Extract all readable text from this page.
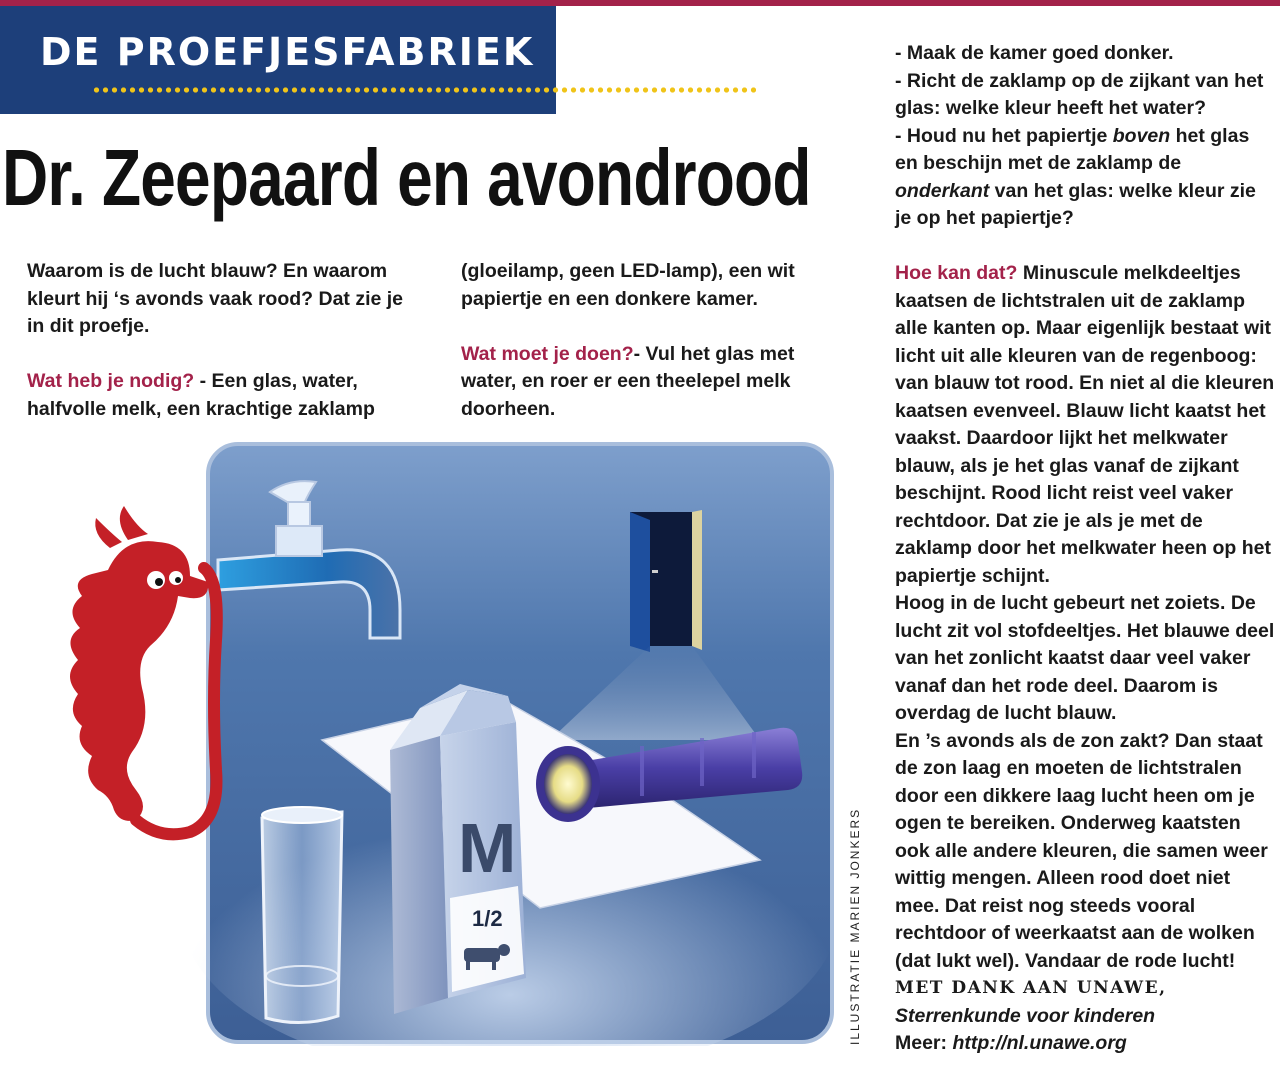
DE PROEFJESFABRIEK
Dr. Zeepaard en avondrood

Waarom is de lucht blauw? En waarom kleurt hij ‘s avonds vaak rood? Dat zie je in dit proefje.

Wat heb je nodig? - Een glas, water, halfvolle melk, een krachtige zaklamp

(gloeilamp, geen LED-lamp), een wit papiertje en een donkere kamer.

Wat moet je doen?- Vul het glas met water, en roer er een theelepel melk doorheen.

- Maak de kamer goed donker.

- Richt de zaklamp op de zijkant van het glas: welke kleur heeft het water?

- Houd nu het papiertje boven het glas en beschijn met de zaklamp de onderkant van het glas: welke kleur zie je op het papiertje?

Hoe kan dat? Minuscule melkdeeltjes kaatsen de lichtstralen uit de zaklamp alle kanten op. Maar eigenlijk bestaat wit licht uit alle kleuren van de regenboog: van blauw tot rood. En niet al die kleuren kaatsen evenveel. Blauw licht kaatst het vaakst. Daardoor lijkt het melkwater blauw, als je het glas vanaf de zijkant beschijnt. Rood licht reist veel vaker rechtdoor. Dat zie je als je met de zaklamp door het melkwater heen op het papiertje schijnt.

Hoog in de lucht gebeurt net zoiets. De lucht zit vol stofdeeltjes. Het blauwe deel van het zonlicht kaatst daar veel vaker vanaf dan het rode deel. Daarom is overdag de lucht blauw.

En ’s avonds als de zon zakt? Dan staat de zon laag en moeten de lichtstralen door een dikkere laag lucht heen om je ogen te bereiken. Onderweg kaatsten ook alle andere kleuren, die samen weer wittig mengen. Alleen rood doet niet mee. Dat reist nog steeds vooral rechtdoor of weerkaatst aan de wolken (dat lukt wel). Vandaar de rode lucht!

MET DANK AAN UNAWE,

Sterrenkunde voor kinderen

Meer: http://nl.unawe.org

ILLUSTRATIE MARIEN JONKERS
M
1/2
